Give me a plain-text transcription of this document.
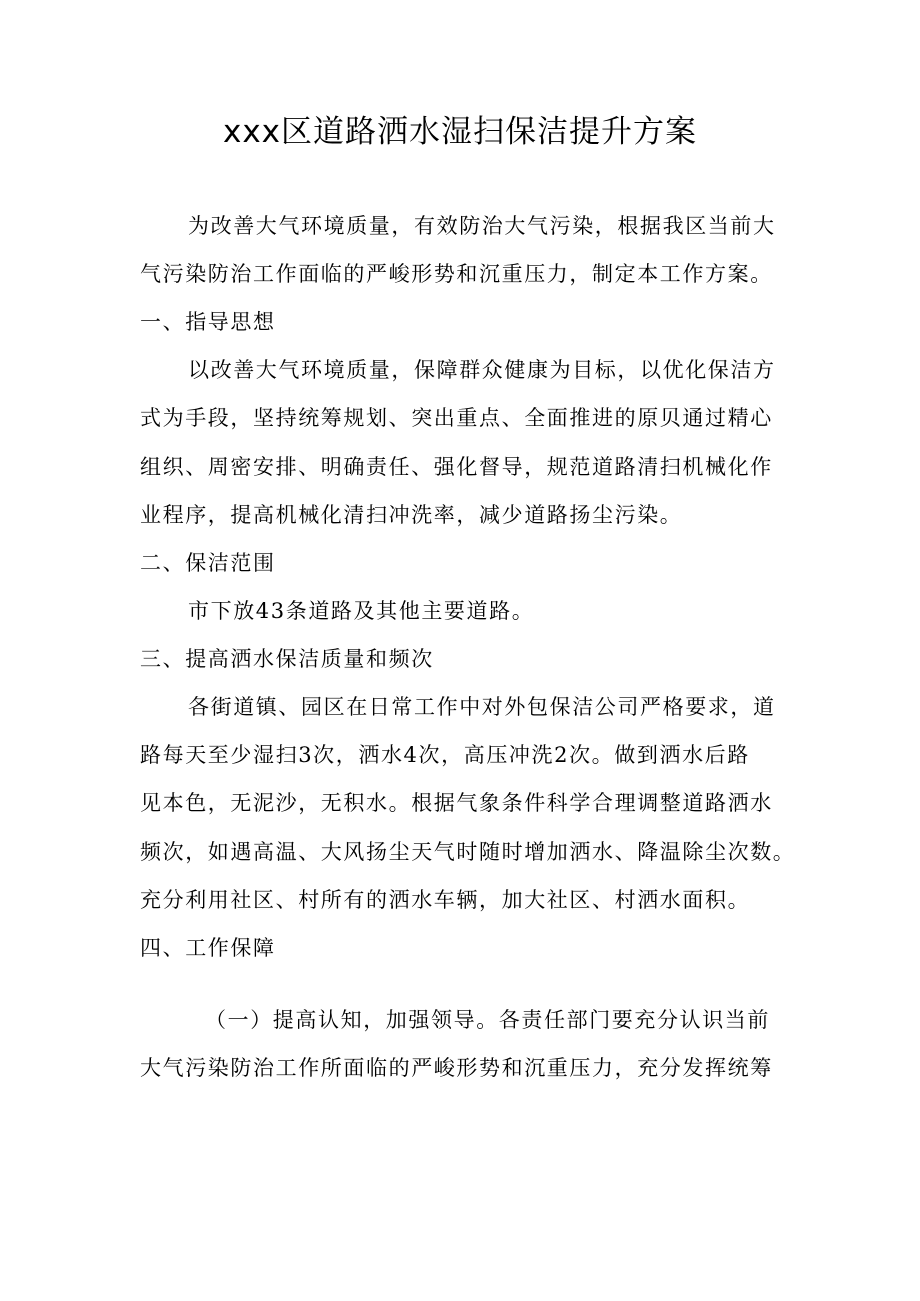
xxx区道路洒水湿扫保洁提升方案
为改善大气环境质量，有效防治大气污染，根据我区当前大
气污染防治工作面临的严峻形势和沉重压力，制定本工作方案。
一、指导思想
以改善大气环境质量，保障群众健康为目标，以优化保洁方
式为手段，坚持统筹规划、突出重点、全面推进的原贝通过精心
组织、周密安排、明确责任、强化督导，规范道路清扫机械化作
业程序，提高机械化清扫冲洗率，减少道路扬尘污染。
二、保洁范围
市下放43条道路及其他主要道路。
三、提高洒水保洁质量和频次
各街道镇、园区在日常工作中对外包保洁公司严格要求，道
路每天至少湿扫3次，洒水4次，高压冲洗2次。做到洒水后路
见本色，无泥沙，无积水。根据气象条件科学合理调整道路洒水
频次，如遇高温、大风扬尘天气时随时增加洒水、降温除尘次数。
充分利用社区、村所有的洒水车辆，加大社区、村洒水面积。
四、工作保障
（一）提高认知，加强领导。各责任部门要充分认识当前
大气污染防治工作所面临的严峻形势和沉重压力，充分发挥统筹
